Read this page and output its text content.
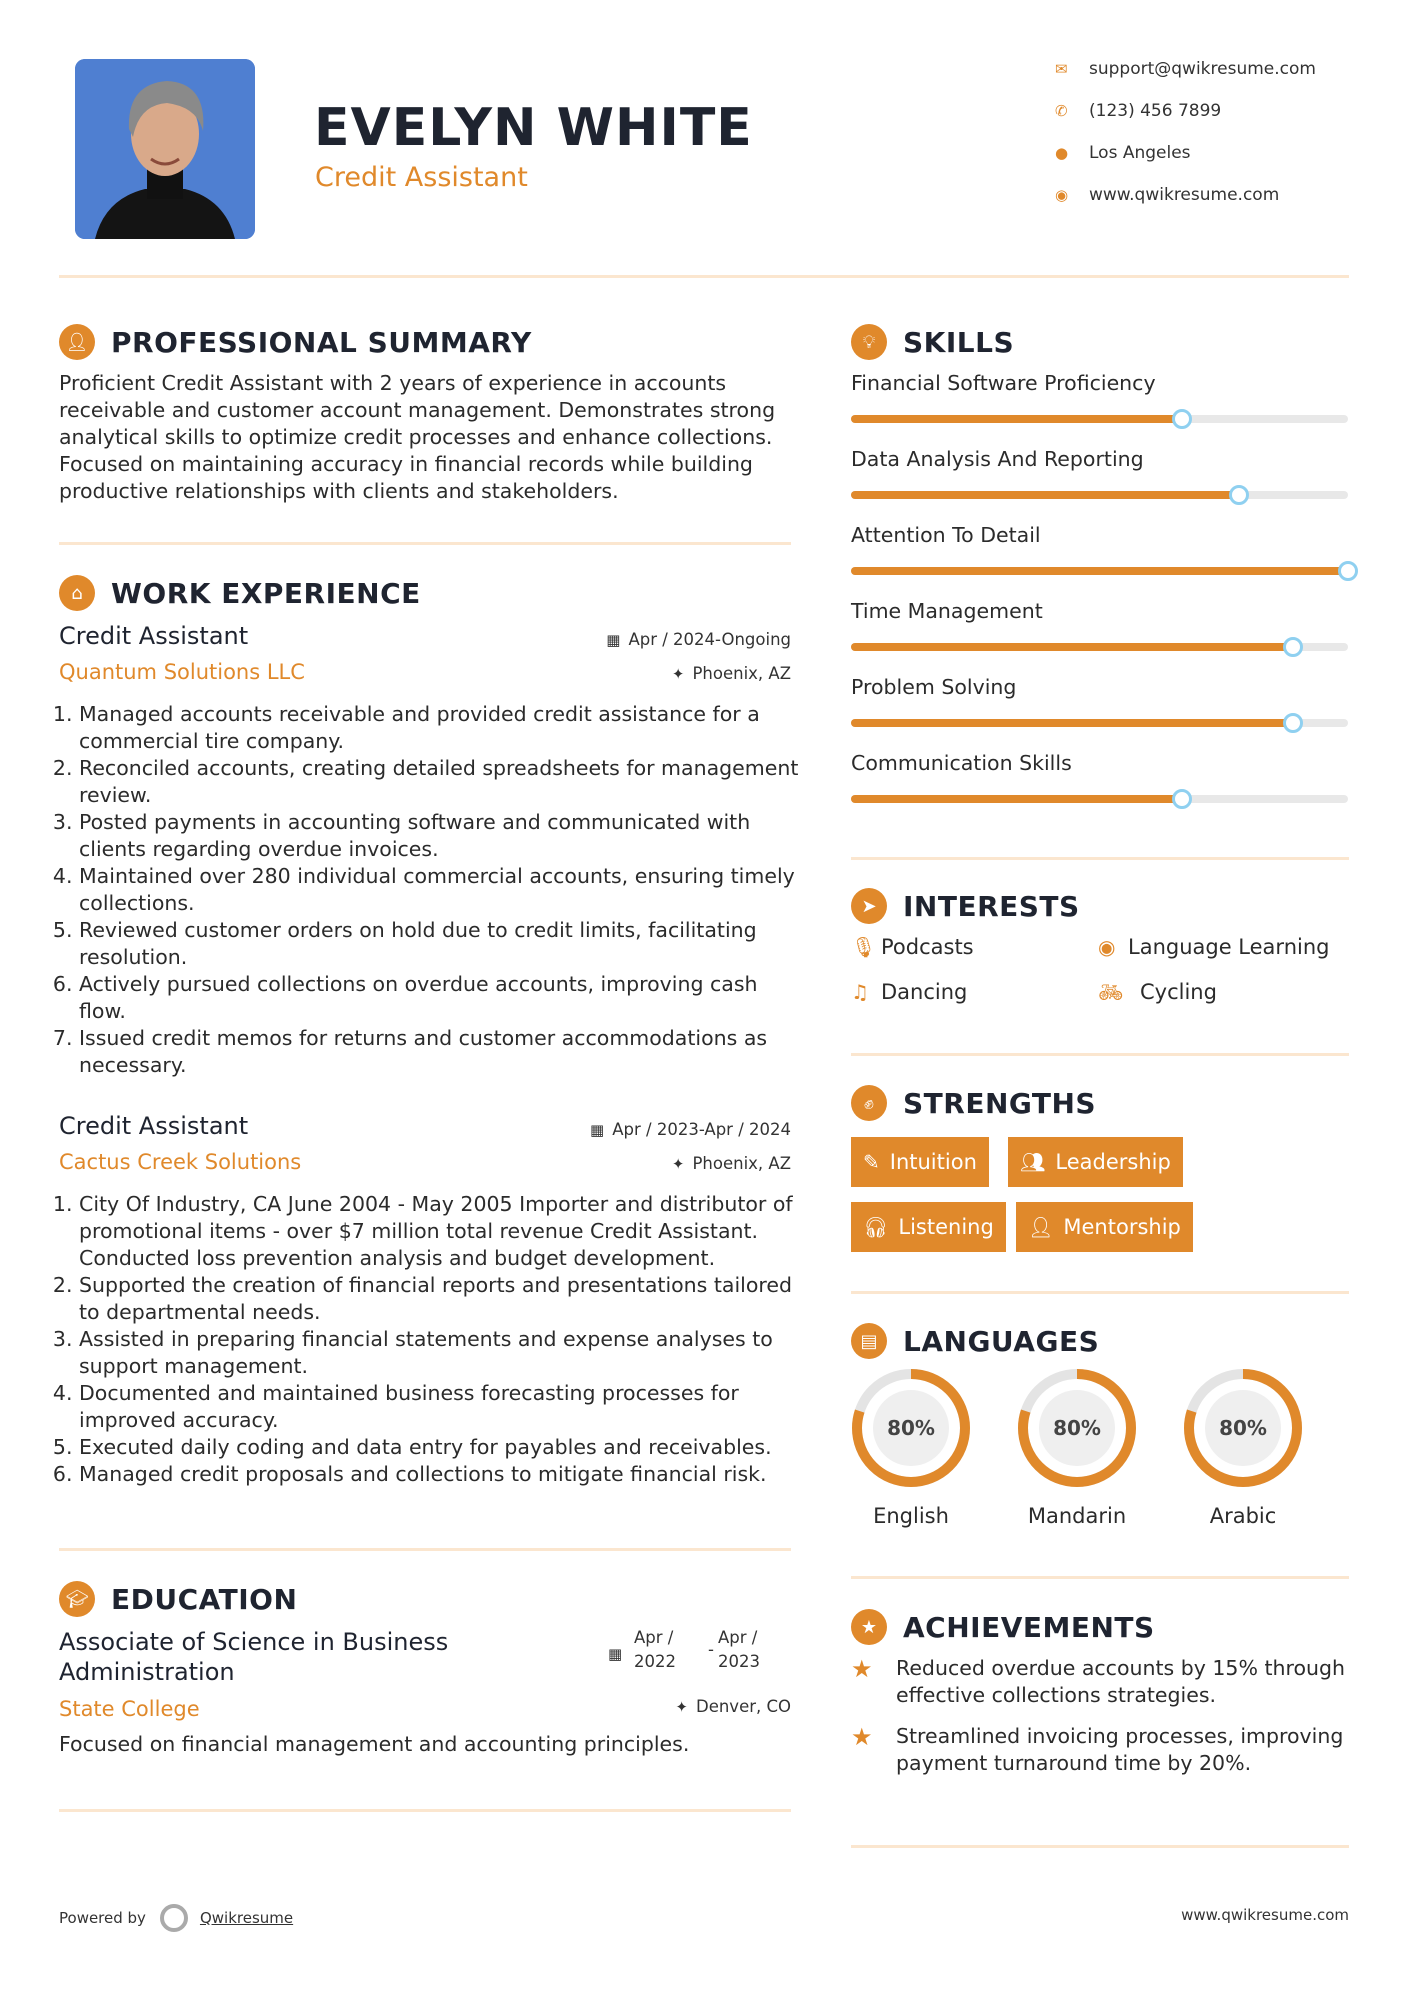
EVELYN WHITE
Credit Assistant
✉	support@qwikresume.com
✆	(123) 456 7899
●	Los Angeles
◉	www.qwikresume.com
👤︎ PROFESSIONAL SUMMARY
Proficient Credit Assistant with 2 years of experience in accounts receivable and customer account management. Demonstrates strong analytical skills to optimize credit processes and enhance collections. Focused on maintaining accuracy in financial records while building productive relationships with clients and stakeholders.
⌂	WORK EXPERIENCE
Credit Assistant
Quantum Solutions LLC
▦ Apr / 2024-Ongoing
✦ Phoenix, AZ
1. Managed accounts receivable and provided credit assistance for a commercial tire company.
2. Reconciled accounts, creating detailed spreadsheets for management review.
3. Posted payments in accounting software and communicated with clients regarding overdue invoices.
4. Maintained over 280 individual commercial accounts, ensuring timely collections.
5. Reviewed customer orders on hold due to credit limits, facilitating resolution.
6. Actively pursued collections on overdue accounts, improving cash flow.
7. Issued credit memos for returns and customer accommodations as necessary.
Credit Assistant
Cactus Creek Solutions
▦ Apr / 2023-Apr / 2024
✦ Phoenix, AZ
1. City Of Industry, CA June 2004 - May 2005 Importer and distributor of promotional items - over $7 million total revenue Credit Assistant. Conducted loss prevention analysis and budget development.
2. Supported the creation of financial reports and presentations tailored to departmental needs.
3. Assisted in preparing financial statements and expense analyses to support management.
4. Documented and maintained business forecasting processes for improved accuracy.
5. Executed daily coding and data entry for payables and receivables.
6. Managed credit proposals and collections to mitigate financial risk.
🎓︎ EDUCATION
Associate of Science in Business
Administration
State College
▦
Apr /
2022
-
Apr /
2023
✦ Denver, CO
Focused on financial management and accounting principles.
💡︎ SKILLS
Financial Software Proficiency
Data Analysis And Reporting
Attention To Detail
Time Management
Problem Solving
Communication Skills
➤ INTERESTS
🎙︎ Podcasts	◉ Language Learning
♫ Dancing	🚲︎ Cycling
✊︎	STRENGTHS
✎ Intuition 👥︎ Leadership
🎧︎ Listening 👤︎ Mentorship
▤ LANGUAGES
80%
English
80%
Mandarin
80%
Arabic
★ ACHIEVEMENTS
★	Reduced overdue accounts by 15% through effective collections strategies.
★	Streamlined invoicing processes, improving payment turnaround time by 20%.
Powered by	Qwikresume	www.qwikresume.com
